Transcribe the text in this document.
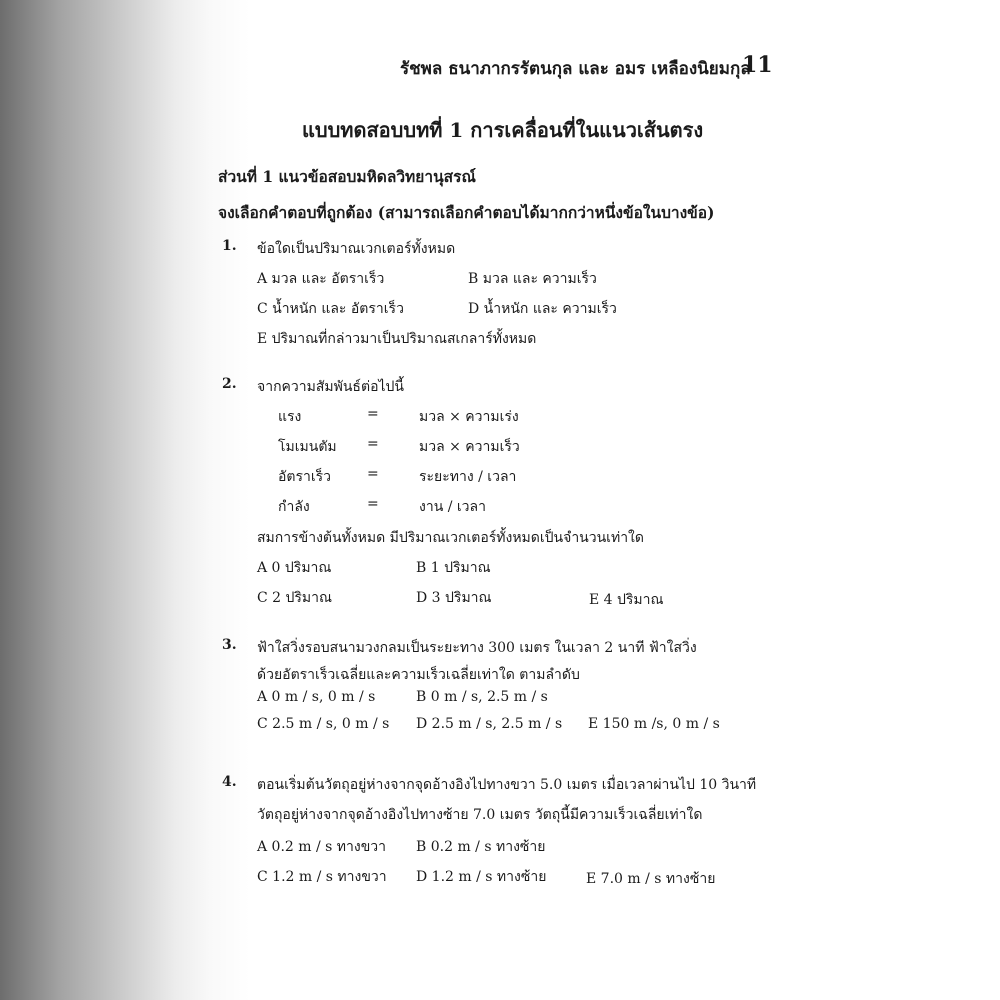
รัชพล ธนาภากรรัตนกุล และ อมร เหลืองนิยมกุล
11
แบบทดสอบบทที่ 1 การเคลื่อนที่ในแนวเส้นตรง
ส่วนที่ 1 แนวข้อสอบมหิดลวิทยานุสรณ์
จงเลือกคำตอบที่ถูกต้อง (สามารถเลือกคำตอบได้มากกว่าหนึ่งข้อในบางข้อ)
1. ข้อใดเป็นปริมาณเวกเตอร์ทั้งหมด
A มวล และ อัตราเร็ว	B มวล และ ความเร็ว
C น้ำหนัก และ อัตราเร็ว	D น้ำหนัก และ ความเร็ว
E ปริมาณที่กล่าวมาเป็นปริมาณสเกลาร์ทั้งหมด
2. จากความสัมพันธ์ต่อไปนี้
แรง	=	มวล × ความเร่ง
โมเมนตัม =	มวล × ความเร็ว
อัตราเร็ว	=	ระยะทาง / เวลา
กำลัง	=	งาน / เวลา
สมการข้างต้นทั้งหมด มีปริมาณเวกเตอร์ทั้งหมดเป็นจำนวนเท่าใด
A 0 ปริมาณ	B 1 ปริมาณ
C 2 ปริมาณ	D 3 ปริมาณ	E 4 ปริมาณ
3. ฟ้าใสวิ่งรอบสนามวงกลมเป็นระยะทาง 300 เมตร ในเวลา 2 นาที ฟ้าใสวิ่ง
ด้วยอัตราเร็วเฉลี่ยและความเร็วเฉลี่ยเท่าใด ตามลำดับ
A 0 m / s, 0 m / s	B 0 m / s, 2.5 m / s
C 2.5 m / s, 0 m / s D 2.5 m / s, 2.5 m / s E 150 m /s, 0 m / s
4. ตอนเริ่มต้นวัตถุอยู่ห่างจากจุดอ้างอิงไปทางขวา 5.0 เมตร เมื่อเวลาผ่านไป 10 วินาที
วัตถุอยู่ห่างจากจุดอ้างอิงไปทางซ้าย 7.0 เมตร วัตถุนี้มีความเร็วเฉลี่ยเท่าใด
A 0.2 m / s ทางขวา B 0.2 m / s ทางซ้าย
C 1.2 m / s ทางขวา D 1.2 m / s ทางซ้าย	E 7.0 m / s ทางซ้าย
